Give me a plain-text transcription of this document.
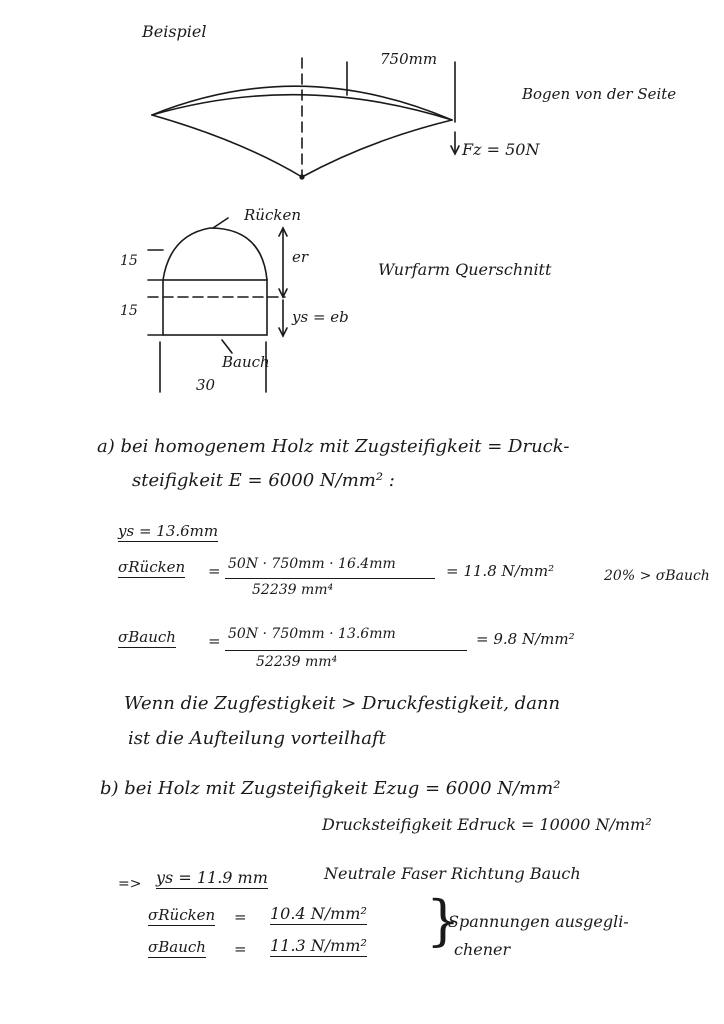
Beispiel
750mm
Bogen von der Seite
Fz = 50N
Rücken
15
15
er
ys = eb
Bauch
30
Wurfarm Querschnitt
a) bei homogenem Holz mit Zugsteifigkeit = Druck-
steifigkeit E = 6000 N/mm² :
ys = 13.6mm
σRücken = 50N · 750mm · 16.4mm
52239 mm⁴
= 11.8 N/mm²	20% > σBauch
σBauch = 50N · 750mm · 13.6mm
52239 mm⁴
= 9.8 N/mm²
Wenn die Zugfestigkeit > Druckfestigkeit, dann
ist die Aufteilung vorteilhaft
b) bei Holz mit Zugsteifigkeit Ezug = 6000 N/mm²
Drucksteifigkeit Edruck = 10000 N/mm²
=> ys = 11.9 mm	Neutrale Faser Richtung Bauch
σRücken = 10.4 N/mm²
σBauch = 11.3 N/mm² }
Spannungen ausgegli-
chener
